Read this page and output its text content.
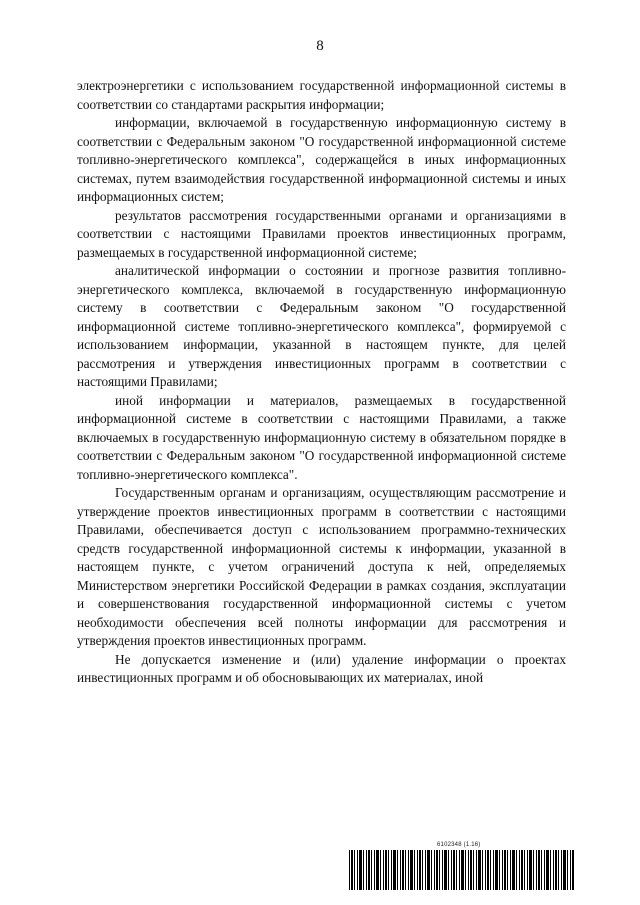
8

электроэнергетики с использованием государственной информационной системы в соответствии со стандартами раскрытия информации;

информации, включаемой в государственную информационную систему в соответствии с Федеральным законом "О государственной информационной системе топливно-энергетического комплекса", содержащейся в иных информационных системах, путем взаимодействия государственной информационной системы и иных информационных систем;

результатов рассмотрения государственными органами и организациями в соответствии с настоящими Правилами проектов инвестиционных программ, размещаемых в государственной информационной системе;

аналитической информации о состоянии и прогнозе развития топливно-энергетического комплекса, включаемой в государственную информационную систему в соответствии с Федеральным законом "О государственной информационной системе топливно-энергетического комплекса", формируемой с использованием информации, указанной в настоящем пункте, для целей рассмотрения и утверждения инвестиционных программ в соответствии с настоящими Правилами;

иной информации и материалов, размещаемых в государственной информационной системе в соответствии с настоящими Правилами, а также включаемых в государственную информационную систему в обязательном порядке в соответствии с Федеральным законом "О государственной информационной системе топливно-энергетического комплекса".

Государственным органам и организациям, осуществляющим рассмотрение и утверждение проектов инвестиционных программ в соответствии с настоящими Правилами, обеспечивается доступ с использованием программно-технических средств государственной информационной системы к информации, указанной в настоящем пункте, с учетом ограничений доступа к ней, определяемых Министерством энергетики Российской Федерации в рамках создания, эксплуатации и совершенствования государственной информационной системы с учетом необходимости обеспечения всей полноты информации для рассмотрения и утверждения проектов инвестиционных программ.

Не допускается изменение и (или) удаление информации о проектах инвестиционных программ и об обосновывающих их материалах, иной

6102348 (1.16)
